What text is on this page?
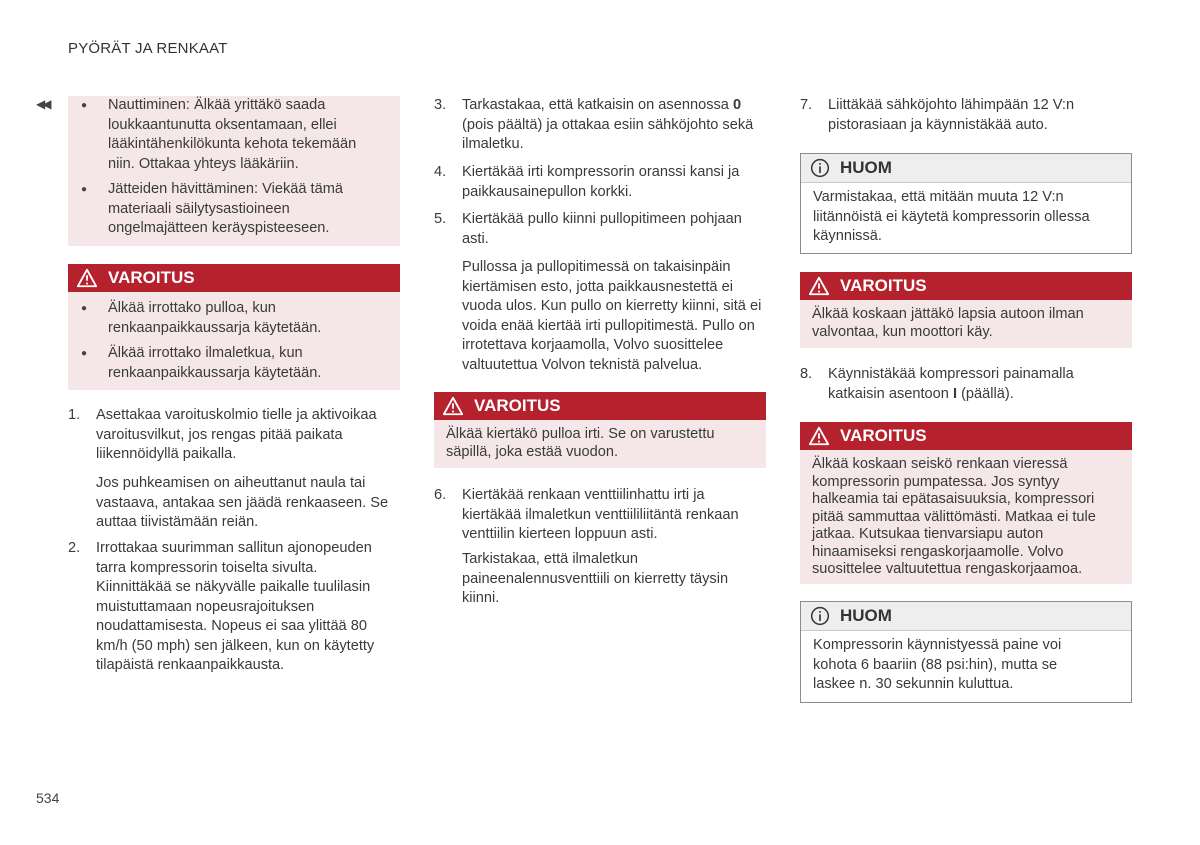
PYÖRÄT JA RENKAAT
◀◀
●	Nauttiminen: Älkää yrittäkö saada loukkaantunutta oksentamaan, ellei lääkintähenkilökunta kehota tekemään niin. Ottakaa yhteys lääkäriin.
● Jätteiden hävittäminen: Viekää tämä materiaali säilytysastioineen ongelmajätteen keräyspisteeseen.
VAROITUS
● Älkää irrottako pulloa, kun renkaanpaikkaussarja käytetään.
● Älkää irrottako ilmaletkua, kun renkaanpaikkaussarja käytetään.
1. Asettakaa varoituskolmio tielle ja aktivoikaa varoitusvilkut, jos rengas pitää paikata liikennöidyllä paikalla.

Jos puhkeamisen on aiheuttanut naula tai vastaava, antakaa sen jäädä renkaaseen. Se auttaa tiivistämään reiän.

2. Irrottakaa suurimman sallitun ajonopeuden tarra kompressorin toiselta sivulta. Kiinnittäkää se näkyvälle paikalle tuulilasin muistuttamaan nopeusrajoituksen noudattamisesta. Nopeus ei saa ylittää 80 km/h (50 mph) sen jälkeen, kun on käytetty tilapäistä renkaanpaikkausta.

3. Tarkastakaa, että katkaisin on asennossa 0 (pois päältä) ja ottakaa esiin sähköjohto sekä ilmaletku.

4. Kiertäkää irti kompressorin oranssi kansi ja paikkausainepullon korkki.

5. Kiertäkää pullo kiinni pullopitimeen pohjaan asti.

Pullossa ja pullopitimessä on takaisinpäin kiertämisen esto, jotta paikkausnestettä ei vuoda ulos. Kun pullo on kierretty kiinni, sitä ei voida enää kiertää irti pullopitimestä. Pullo on irrotettava korjaamolla, Volvo suosittelee valtuutettua Volvon teknistä palvelua.

VAROITUS
Älkää kiertäkö pulloa irti. Se on varustettu säpillä, joka estää vuodon.
6. Kiertäkää renkaan venttiilinhattu irti ja kiertäkää ilmaletkun venttiililiitäntä renkaan venttiilin kierteen loppuun asti.

Tarkistakaa, että ilmaletkun paineenalennusventtiili on kierretty täysin kiinni.

7. Liittäkää sähköjohto lähimpään 12 V:n pistorasiaan ja käynnistäkää auto.

HUOM
Varmistakaa, että mitään muuta 12 V:n liitännöistä ei käytetä kompressorin ollessa käynnissä.
VAROITUS
Älkää koskaan jättäkö lapsia autoon ilman valvontaa, kun moottori käy.
8. Käynnistäkää kompressori painamalla katkaisin asentoon I (päällä).

VAROITUS
Älkää koskaan seiskö renkaan vieressä kompressorin pumpatessa. Jos syntyy halkeamia tai epätasaisuuksia, kompressori pitää sammuttaa välittömästi. Matkaa ei tule jatkaa. Kutsukaa tienvarsiapu auton hinaamiseksi rengaskorjaamolle. Volvo suosittelee valtuutettua rengaskorjaamoa.
HUOM
Kompressorin käynnistyessä paine voi kohota 6 baariin (88 psi:hin), mutta se laskee n. 30 sekunnin kuluttua.
534
